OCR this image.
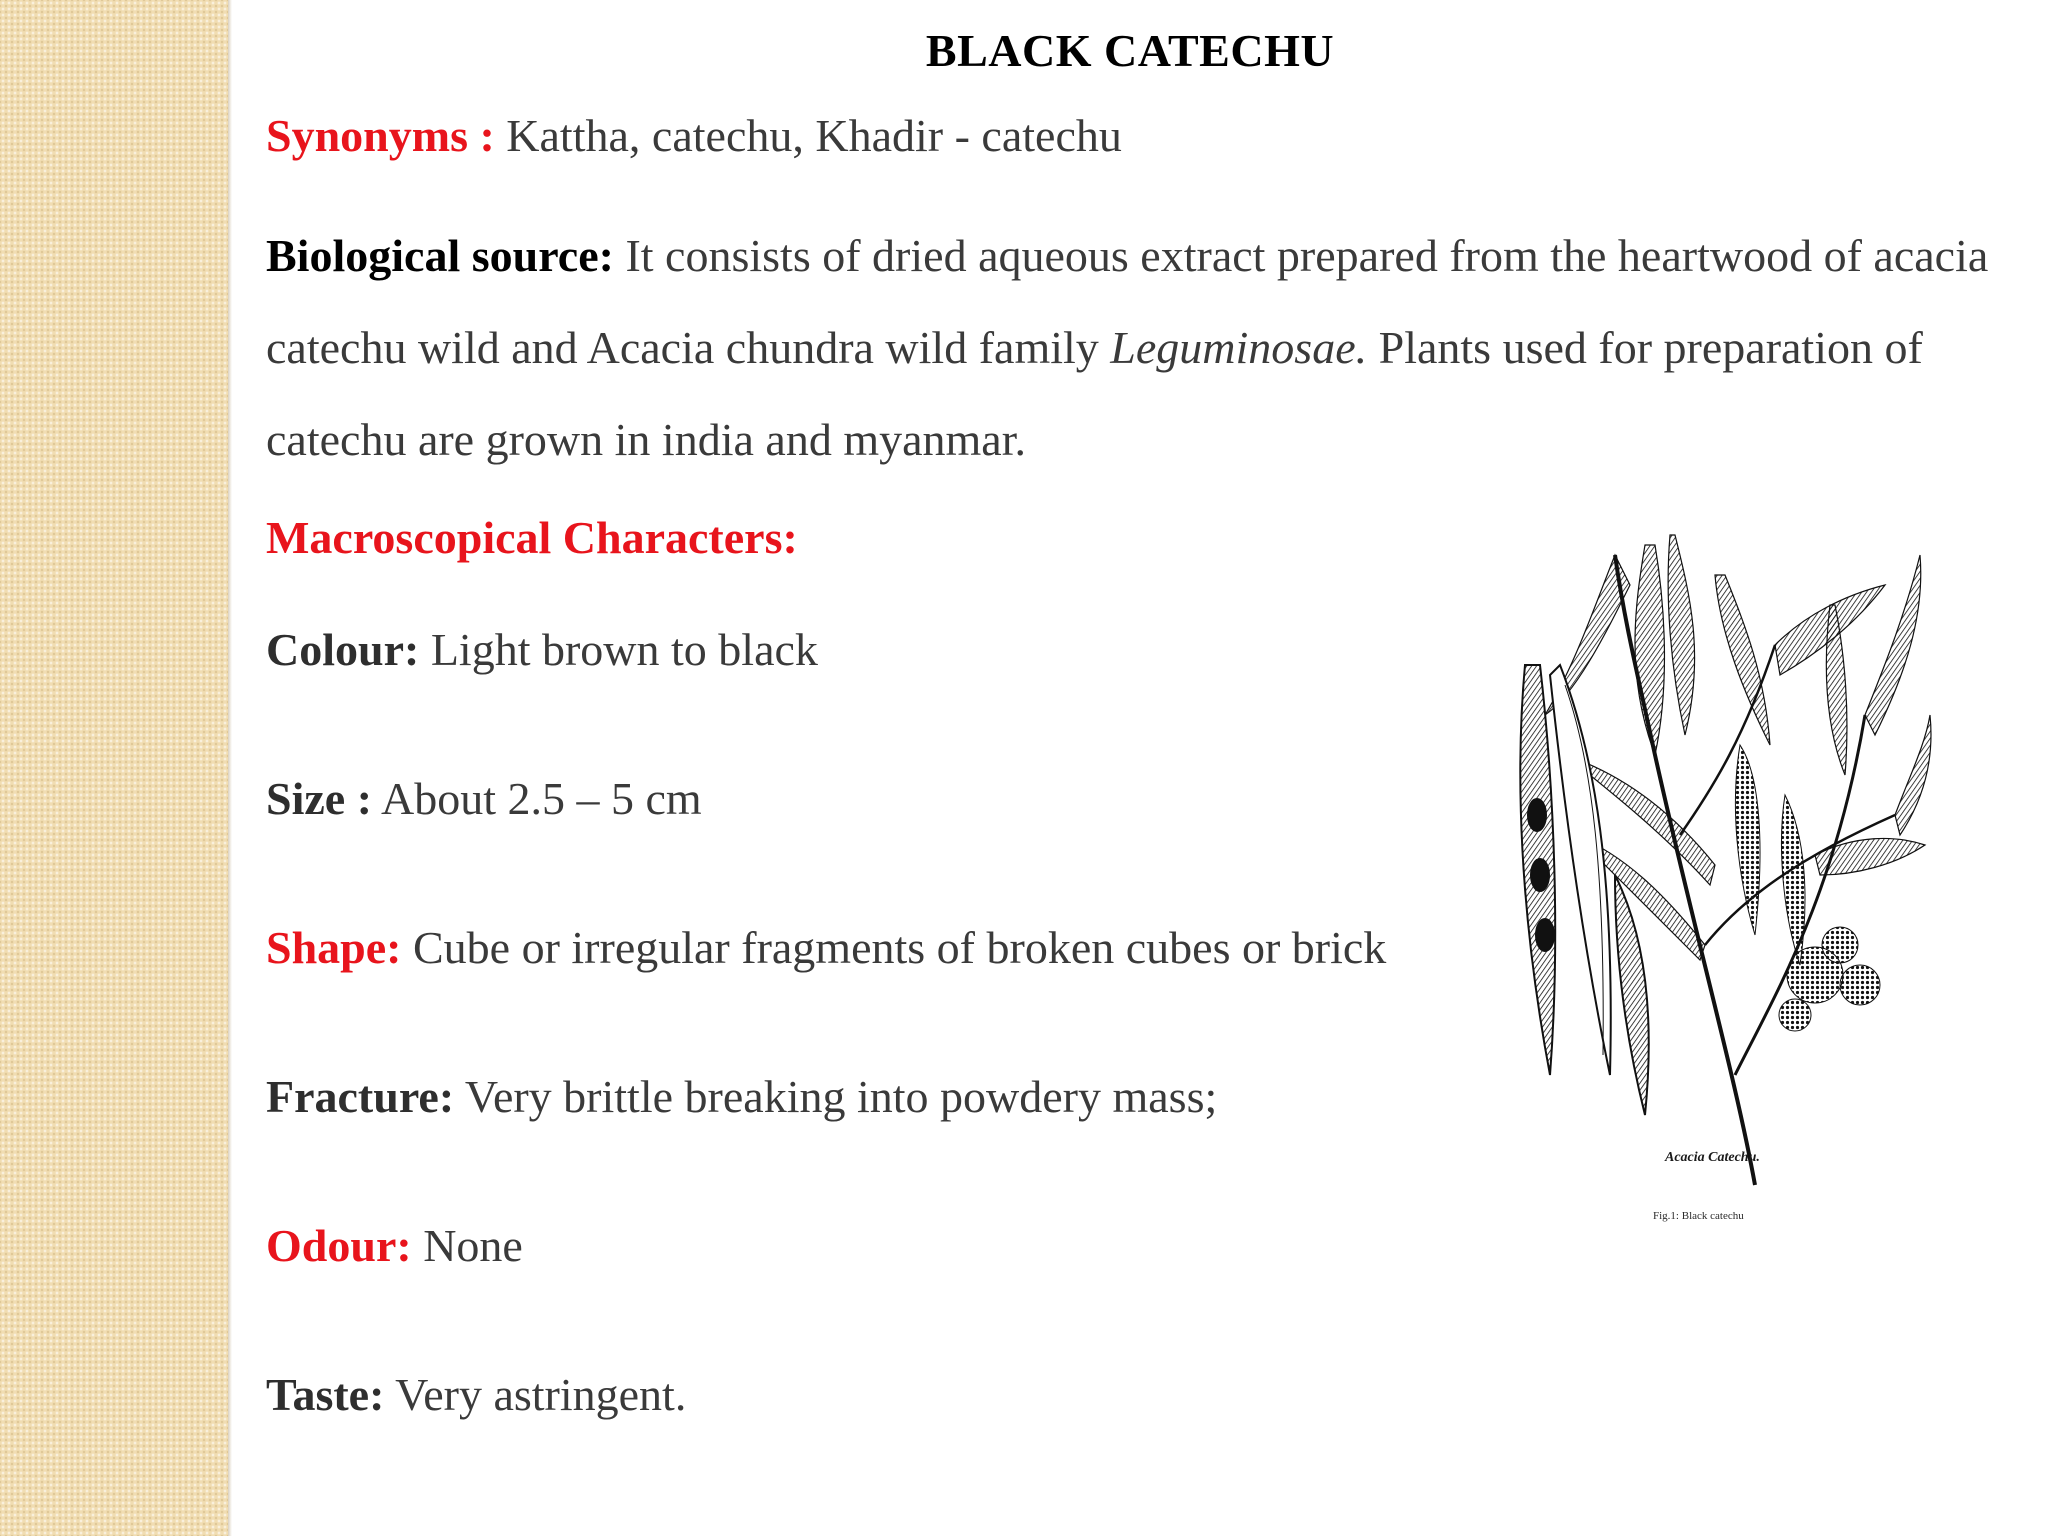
BLACK CATECHU
Synonyms : Kattha, catechu, Khadir - catechu
Biological source: It consists of dried aqueous extract prepared from the heartwood of acacia catechu wild and Acacia chundra wild family Leguminosae. Plants used for preparation of catechu are grown in india and myanmar.
Macroscopical Characters:
Colour: Light brown to black
Size : About 2.5 – 5 cm
Shape: Cube or irregular fragments of broken cubes or brick
Fracture: Very brittle breaking into powdery mass;
Odour: None
Taste: Very astringent.
Acacia Catechu.
Fig.1: Black catechu
